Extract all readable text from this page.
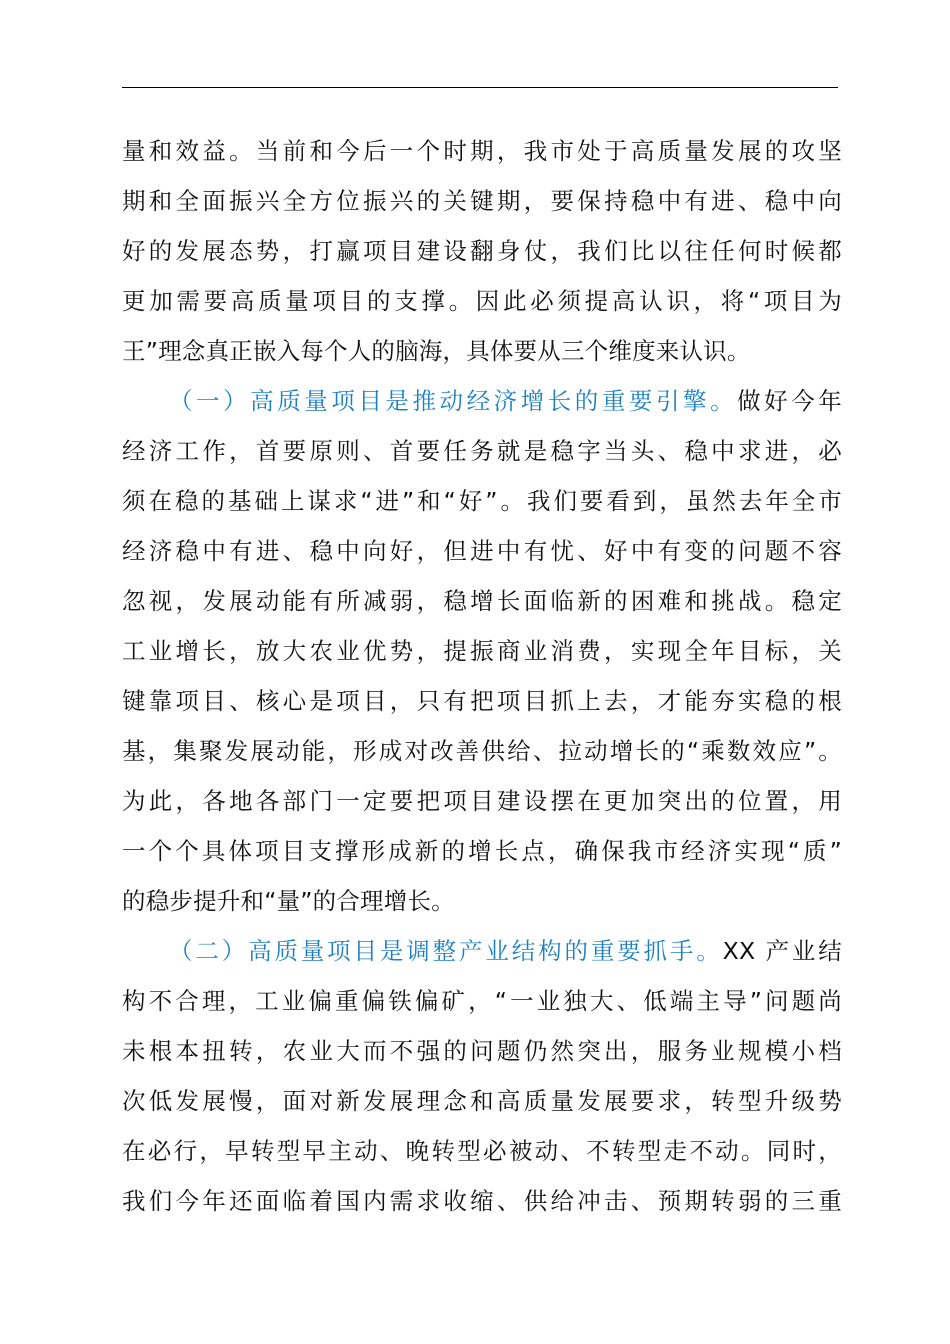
量和效益。当前和今后一个时期，我市处于高质量发展的攻坚
期和全面振兴全方位振兴的关键期，要保持稳中有进、稳中向
好的发展态势，打赢项目建设翻身仗，我们比以往任何时候都
更加需要高质量项目的支撑。因此必须提高认识，将“项目为
王”理念真正嵌入每个人的脑海，具体要从三个维度来认识。
（一）高质量项目是推动经济增长的重要引擎。做好今年
经济工作，首要原则、首要任务就是稳字当头、稳中求进，必
须在稳的基础上谋求“进”和“好”。我们要看到，虽然去年全市
经济稳中有进、稳中向好，但进中有忧、好中有变的问题不容
忽视，发展动能有所减弱，稳增长面临新的困难和挑战。稳定
工业增长，放大农业优势，提振商业消费，实现全年目标，关
键靠项目、核心是项目，只有把项目抓上去，才能夯实稳的根
基，集聚发展动能，形成对改善供给、拉动增长的“乘数效应”。
为此，各地各部门一定要把项目建设摆在更加突出的位置，用
一个个具体项目支撑形成新的增长点，确保我市经济实现“质”
的稳步提升和“量”的合理增长。
（二）高质量项目是调整产业结构的重要抓手。XX 产业结
构不合理，工业偏重偏铁偏矿，“一业独大、低端主导”问题尚
未根本扭转，农业大而不强的问题仍然突出，服务业规模小档
次低发展慢，面对新发展理念和高质量发展要求，转型升级势
在必行，早转型早主动、晚转型必被动、不转型走不动。同时，
我们今年还面临着国内需求收缩、供给冲击、预期转弱的三重
